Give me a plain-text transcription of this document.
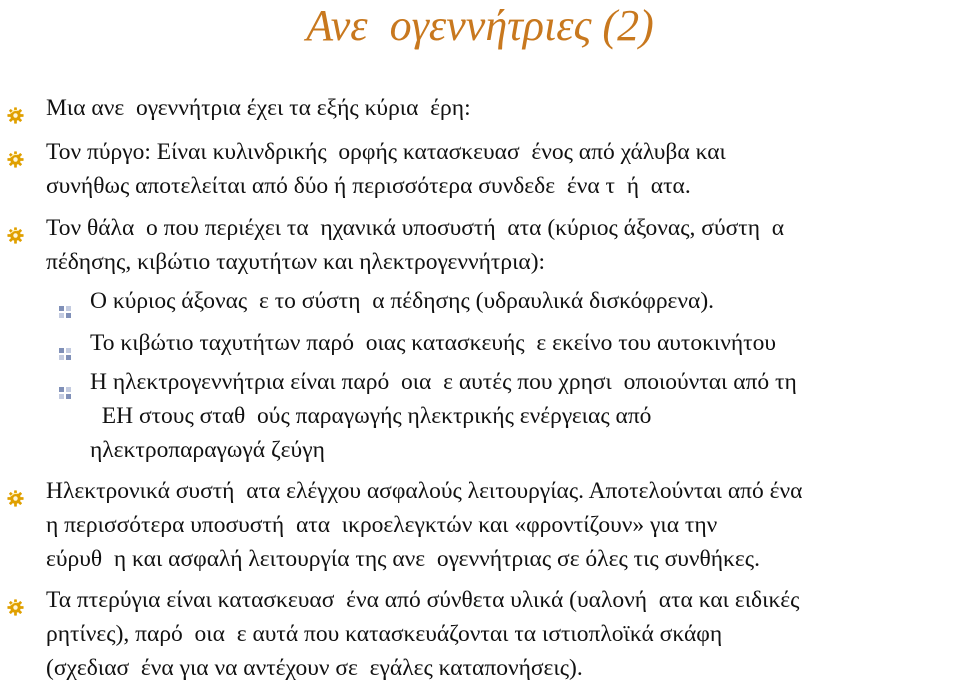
Ανε  ογεννήτριες (2)
Μια ανε  ογεννήτρια έχει τα εξής κύρια  έρη:
Τον πύργο: Είναι κυλινδρικής  ορφής κατασκευασ  ένος από χάλυβα και
συνήθως αποτελείται από δύο ή περισσότερα συνδεδε  ένα τ  ή  ατα.
Τον θάλα  ο που περιέχει τα  ηχανικά υποσυστή  ατα (κύριος άξονας, σύστη  α
πέδησης, κιβώτιο ταχυτήτων και ηλεκτρογεννήτρια):
Ο κύριος άξονας  ε το σύστη  α πέδησης (υδραυλικά δισκόφρενα).
Το κιβώτιο ταχυτήτων παρό  οιας κατασκευής  ε εκείνο του αυτοκινήτου
Η ηλεκτρογεννήτρια είναι παρό  οια  ε αυτές που χρησι  οποιούνται από τη
ΕΗ στους σταθ  ούς παραγωγής ηλεκτρικής ενέργειας από
ηλεκτροπαραγωγά ζεύγη
Ηλεκτρονικά συστή  ατα ελέγχου ασφαλούς λειτουργίας. Αποτελούνται από ένα
η περισσότερα υποσυστή  ατα  ικροελεγκτών και «φροντίζουν» για την
εύρυθ  η και ασφαλή λειτουργία της ανε  ογεννήτριας σε όλες τις συνθήκες.
Τα πτερύγια είναι κατασκευασ  ένα από σύνθετα υλικά (υαλονή  ατα και ειδικές
ρητίνες), παρό  οια  ε αυτά που κατασκευάζονται τα ιστιοπλοϊκά σκάφη
(σχεδιασ  ένα για να αντέχουν σε  εγάλες καταπονήσεις).
